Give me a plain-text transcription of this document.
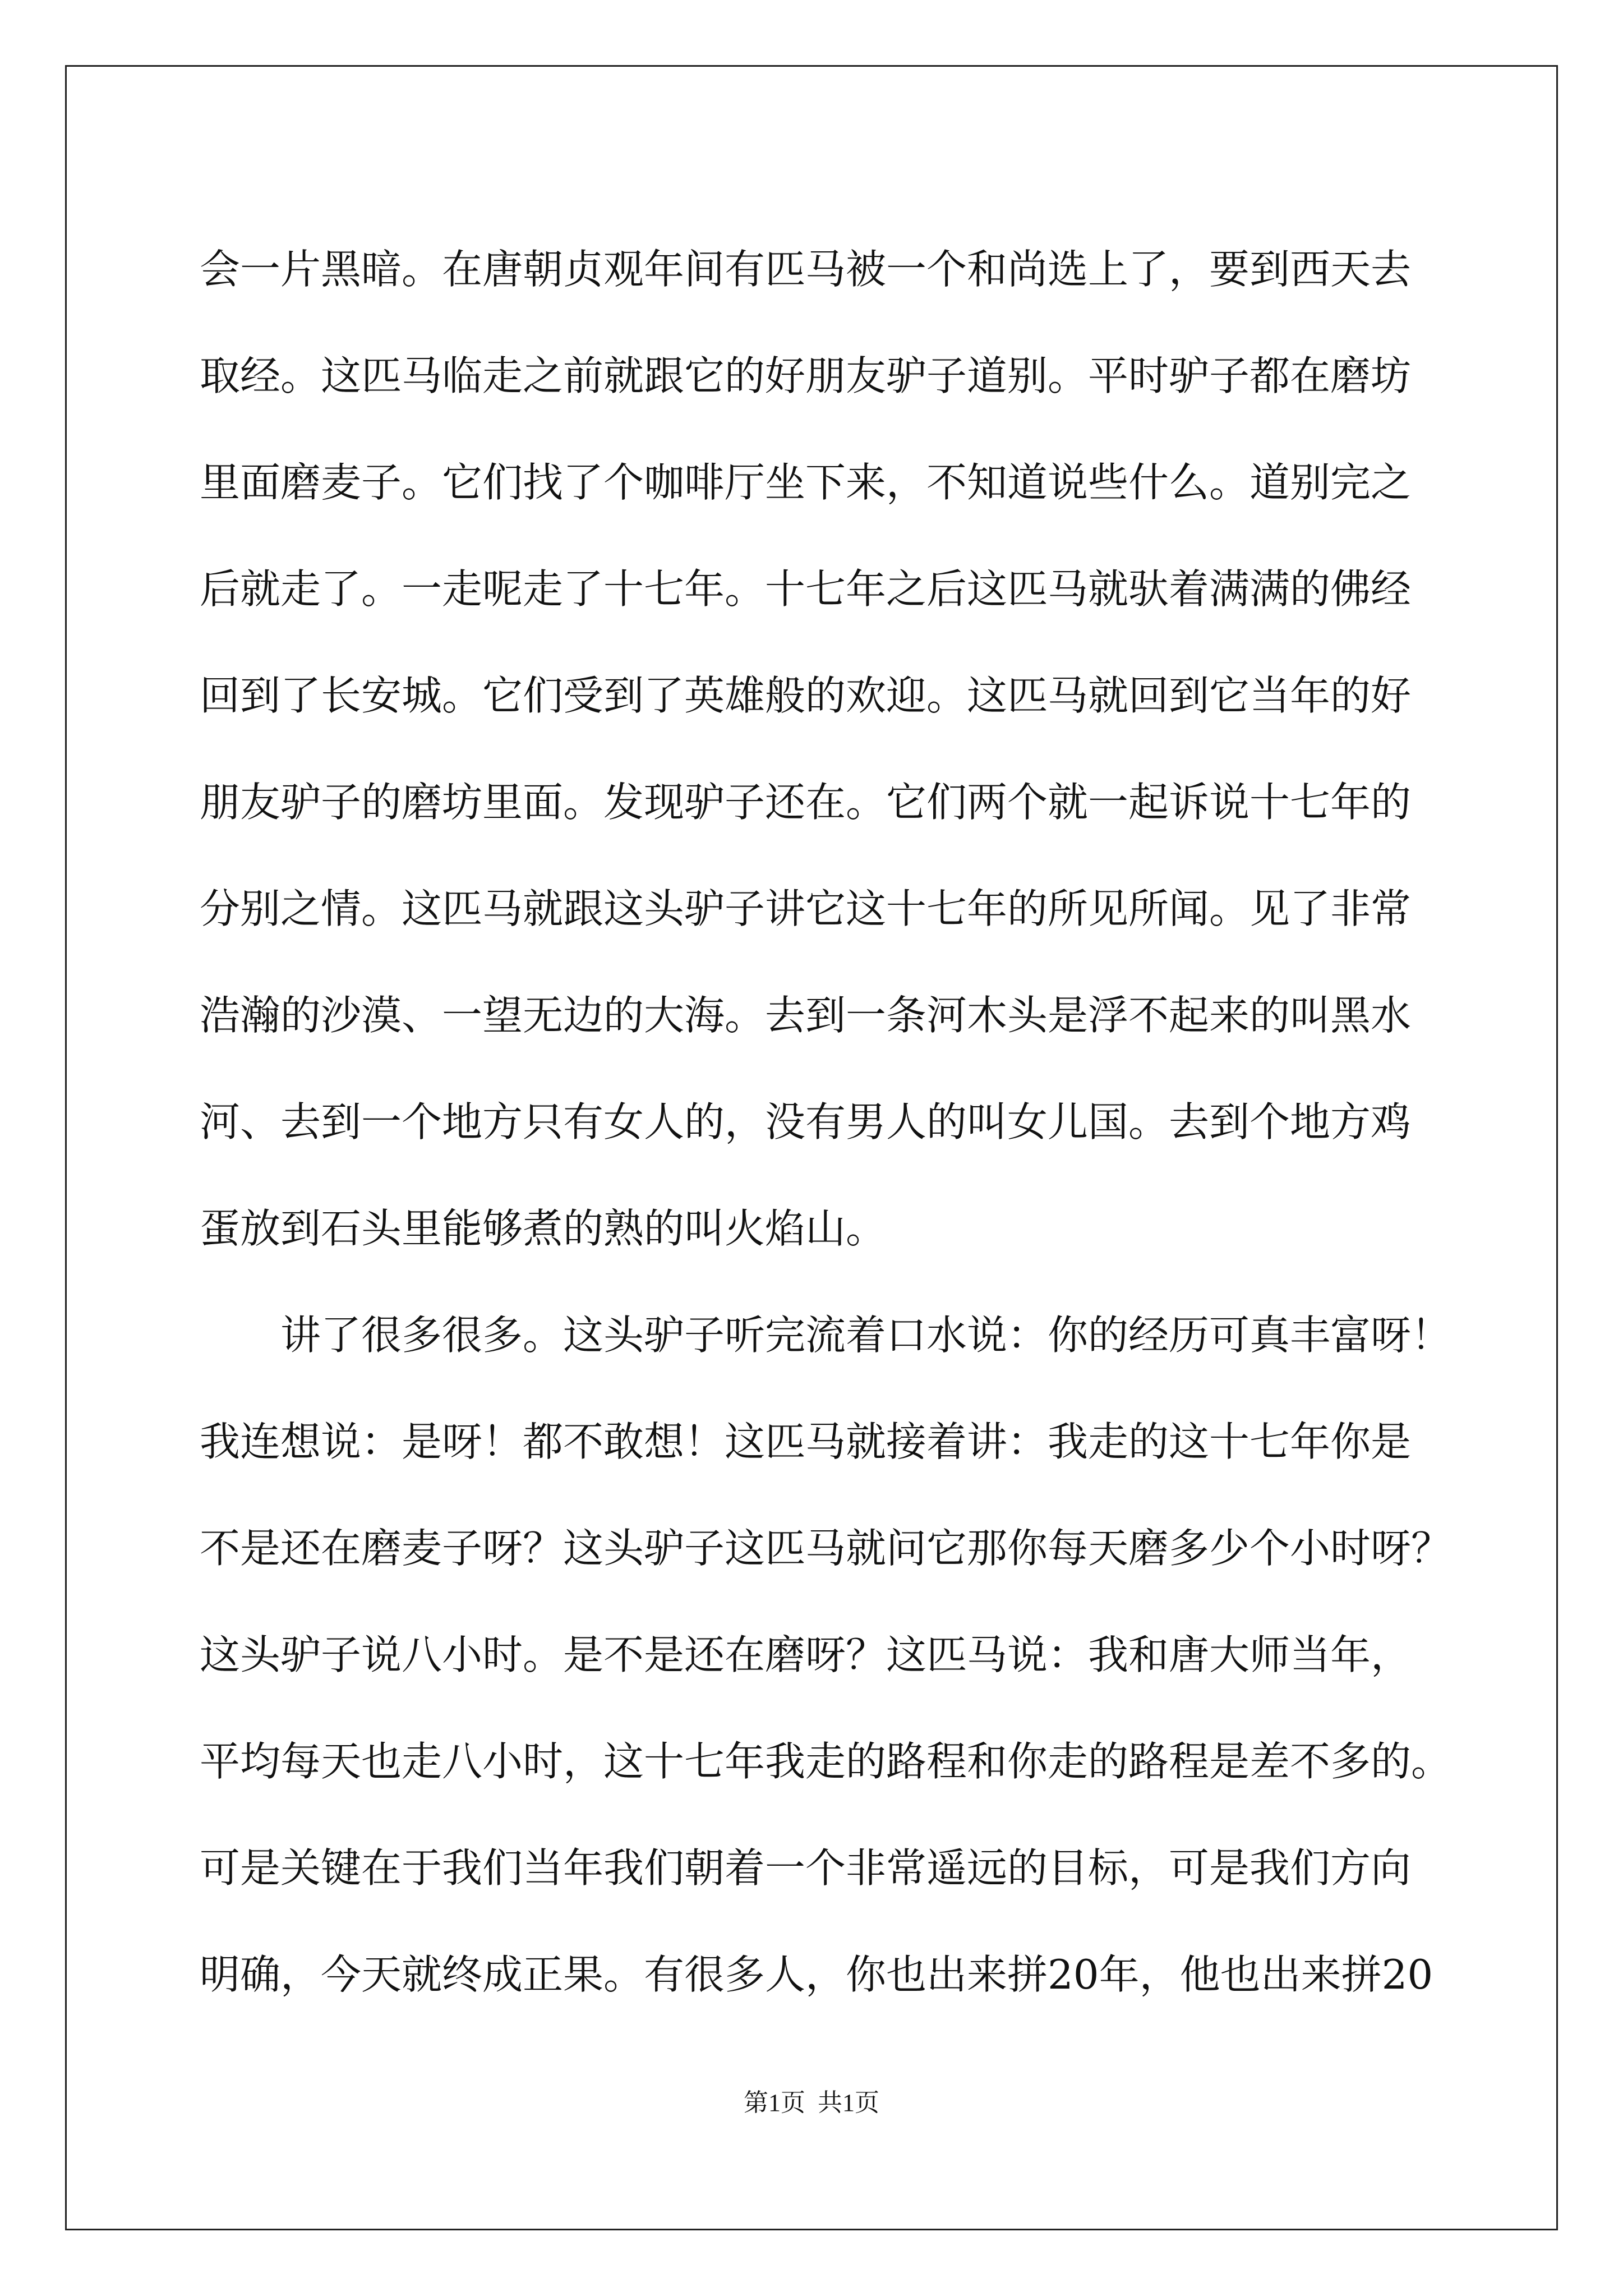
会一片黑暗。在唐朝贞观年间有匹马被一个和尚选上了，要到西天去

取经。这匹马临走之前就跟它的好朋友驴子道别。平时驴子都在磨坊

里面磨麦子。它们找了个咖啡厅坐下来，不知道说些什么。道别完之

后就走了。一走呢走了十七年。十七年之后这匹马就驮着满满的佛经

回到了长安城。它们受到了英雄般的欢迎。这匹马就回到它当年的好

朋友驴子的磨坊里面。发现驴子还在。它们两个就一起诉说十七年的

分别之情。这匹马就跟这头驴子讲它这十七年的所见所闻。见了非常

浩瀚的沙漠、一望无边的大海。去到一条河木头是浮不起来的叫黑水

河、去到一个地方只有女人的，没有男人的叫女儿国。去到个地方鸡

蛋放到石头里能够煮的熟的叫火焰山。

讲了很多很多。这头驴子听完流着口水说：你的经历可真丰富呀！

我连想说：是呀！都不敢想！这匹马就接着讲：我走的这十七年你是

不是还在磨麦子呀？这头驴子这匹马就问它那你每天磨多少个小时呀？

这头驴子说八小时。是不是还在磨呀？这匹马说：我和唐大师当年，

平均每天也走八小时，这十七年我走的路程和你走的路程是差不多的。

可是关键在于我们当年我们朝着一个非常遥远的目标，可是我们方向

明确，今天就终成正果。有很多人，你也出来拼20年，他也出来拼20

第1页  共1页
